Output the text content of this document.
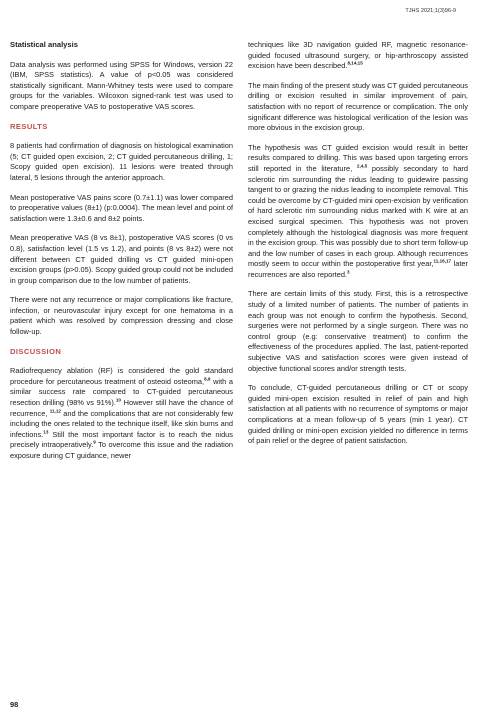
TJHS 2021;1(3)96-9
Statistical analysis

Data analysis was performed using SPSS for Windows, version 22 (IBM, SPSS statistics). A value of p<0.05 was considered statistically significant. Mann-Whitney tests were used to compare groups for the variables. Wilcoxon signed-rank test was used to compare preoperative VAS to postoperative VAS scores.

RESULTS

8 patients had confirmation of diagnosis on histological examination (5; CT guided open excision, 2; CT guided percutaneous drilling, 1; Scopy guided open excision). 11 lesions were treated through lateral, 5 lesions through the anterior approach.

Mean postoperative VAS pains score (0.7±1.1) was lower compared to preoperative values (8±1) (p:0.0004). The mean level and point of satisfaction were 1.3±0.6 and 8±2 points.

Mean preoperative VAS (8 vs 8±1), postoperative VAS scores (0 vs 0.8), satisfaction level (1.5 vs 1.2), and points (8 vs 8±2) were not different between CT guided drilling vs CT guided mini-open excision groups (p>0.05). Scopy guided group could not be included in group comparison due to the low number of patients.

There were not any recurrence or major complications like fracture, infection, or neurovascular injury except for one hematoma in a patient which was resolved by compression dressing and close follow-up.

DISCUSSION

Radiofrequency ablation (RF) is considered the gold standard procedure for percutaneous treatment of osteoid osteoma,$^{8,9}$ with a similar success rate compared to CT-guided percutaneous resection drilling (98% vs 91%).$^{10}$ However still have the chance of recurrence, $^{11,12}$ and the complications that are not considerably few including the ones related to the technique itself, like skin burns and infections.$^{13}$ Still the most important factor is to reach the nidus precisely intraoperatively.$^9$ To overcome this issue and the radiation exposure during CT guidance, newer

techniques like 3D navigation guided RF, magnetic resonance-guided focused ultrasound surgery, or hip-arthroscopy assisted excision have been described.$^{8,14,15}$

The main finding of the present study was CT guided percutaneous drilling or excision resulted in similar improvement of pain, satisfaction with no report of recurrence or complication. The only significant difference was histological verification of the lesion was more obvious in the excision group.

The hypothesis was CT guided excision would result in better results compared to drilling. This was based upon targeting errors still reported in the literature, $^{2,4,5}$ possibly secondary to hard sclerotic rim surrounding the nidus leading to guidewire passing tangent to or grazing the nidus leading to incomplete removal. This could be overcome by CT-guided mini open-excision by verification of hard sclerotic rim surrounding nidus marked with K wire at an excised surgical specimen. This hypothesis was not proven completely although the histological diagnosis was more frequent in the excision group. This was possibly due to short term follow-up and the low number of cases in each group. Although recurrences mostly seem to occur within the postoperative first year,$^{11,16,17}$ later recurrences are also reported.$^3$

There are certain limits of this study. First, this is a retrospective study of a limited number of patients. The number of patients in each group was not enough to confirm the hypothesis. Second, surgeries were not performed by a single surgeon. There was no control group (e.g: conservative treatment) to confirm the effectiveness of the procedures applied. The last, patient-reported subjective VAS and satisfaction scores were given instead of objective functional scores and/or strength tests.

To conclude, CT-guided percutaneous drilling or CT or scopy guided mini-open excision resulted in relief of pain and high satisfaction at all patients with no recurrence of symptoms or major complications at a mean follow-up of 5 years (min 1 year). CT guided drilling or mini-open excision yielded no difference in terms of pain relief or the degree of patient satisfaction.

98
